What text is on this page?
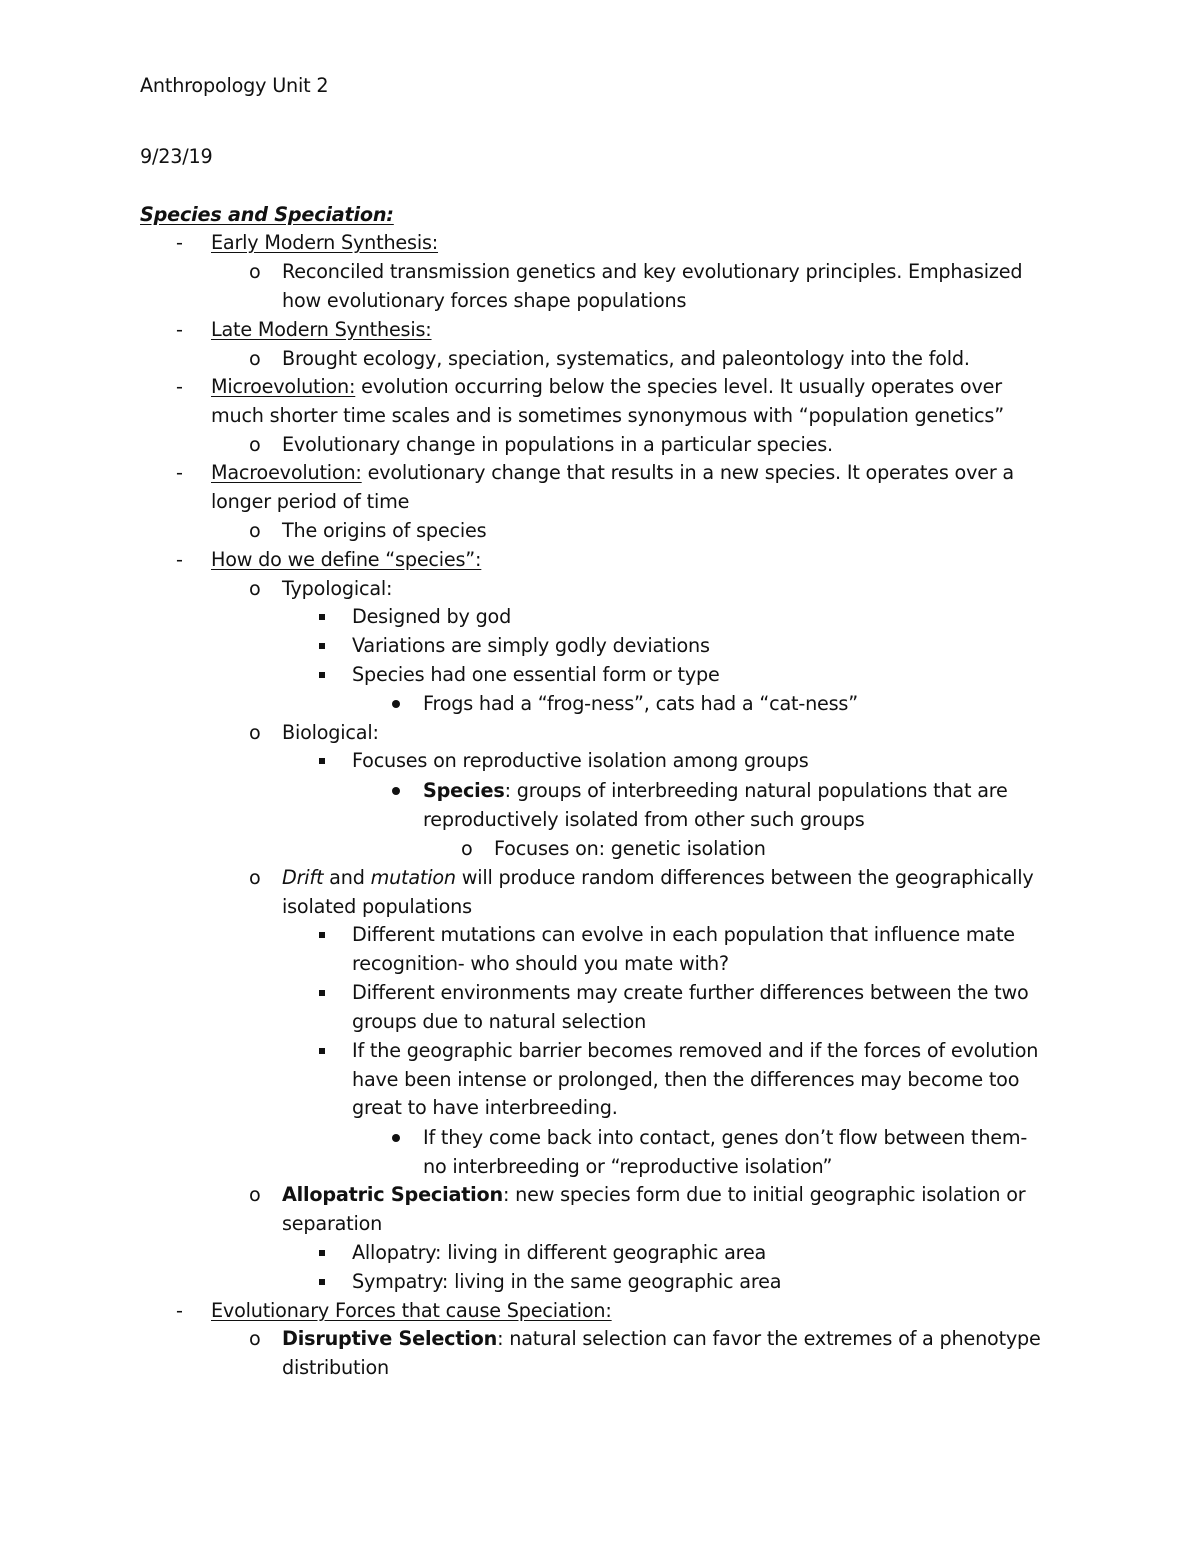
Anthropology Unit 2
9/23/19
Species and Speciation:
- Early Modern Synthesis:
o Reconciled transmission genetics and key evolutionary principles. Emphasized
how evolutionary forces shape populations
- Late Modern Synthesis:
o Brought ecology, speciation, systematics, and paleontology into the fold.
- Microevolution: evolution occurring below the species level. It usually operates over
much shorter time scales and is sometimes synonymous with “population genetics”
o Evolutionary change in populations in a particular species.
- Macroevolution: evolutionary change that results in a new species. It operates over a
longer period of time
o The origins of species
- How do we define “species”:
o Typological:
Designed by god
Variations are simply godly deviations
Species had one essential form or type
Frogs had a “frog-ness”, cats had a “cat-ness”
o Biological:
Focuses on reproductive isolation among groups
Species: groups of interbreeding natural populations that are
reproductively isolated from other such groups
o Focuses on: genetic isolation
o Drift and mutation will produce random differences between the geographically
isolated populations
Different mutations can evolve in each population that influence mate
recognition- who should you mate with?
Different environments may create further differences between the two
groups due to natural selection
If the geographic barrier becomes removed and if the forces of evolution
have been intense or prolonged, then the differences may become too
great to have interbreeding.
If they come back into contact, genes don’t flow between them-
no interbreeding or “reproductive isolation”
o Allopatric Speciation: new species form due to initial geographic isolation or
separation
Allopatry: living in different geographic area
Sympatry: living in the same geographic area
- Evolutionary Forces that cause Speciation:
o Disruptive Selection: natural selection can favor the extremes of a phenotype
distribution
